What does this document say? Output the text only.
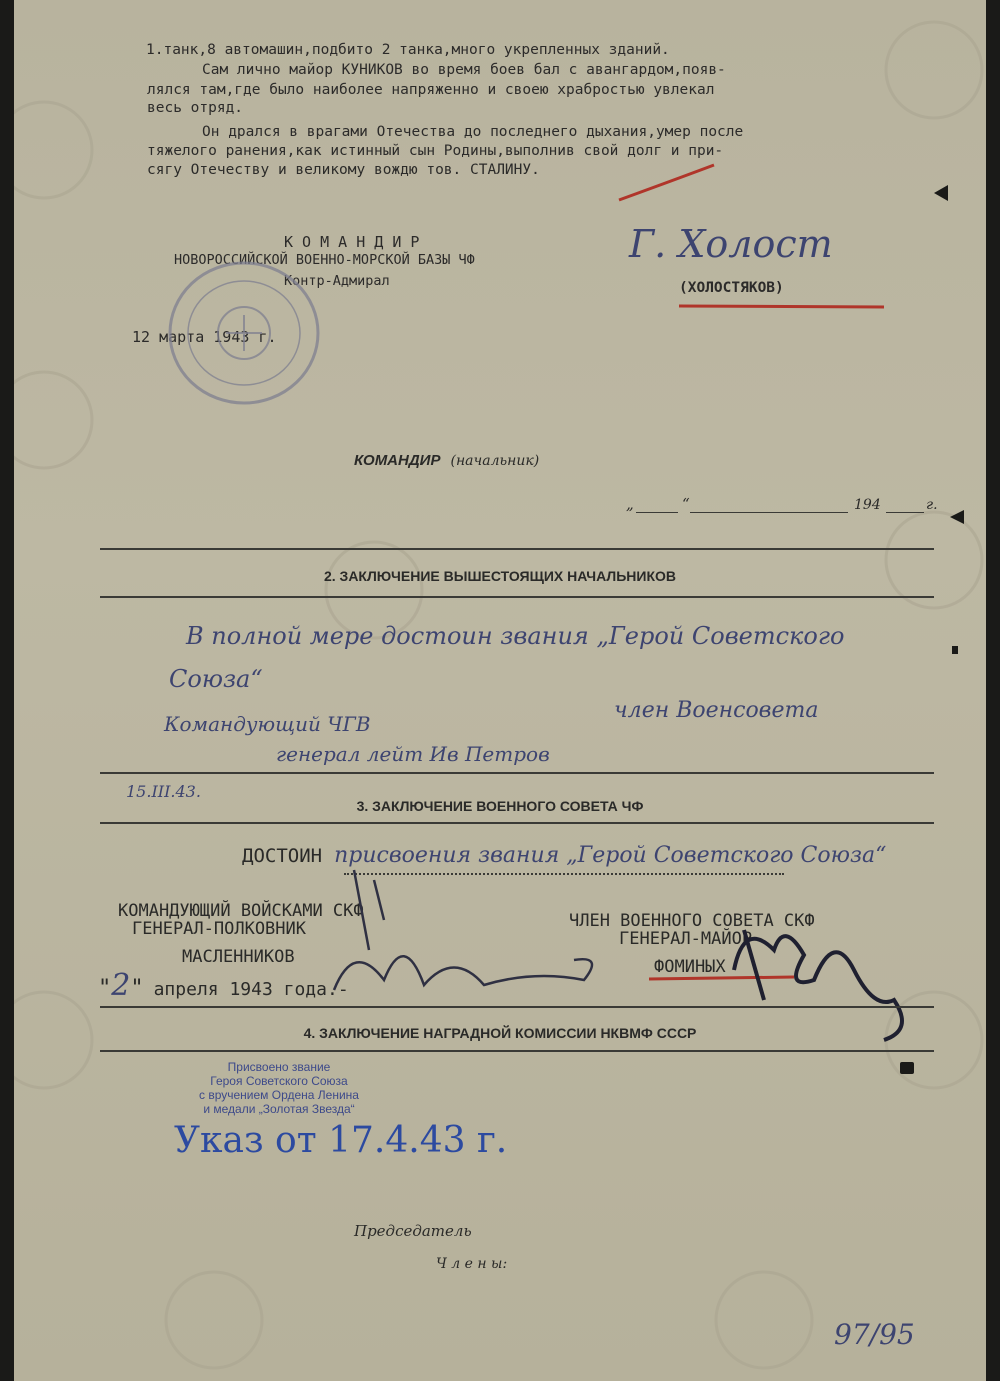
1.танк,8 автомашин,подбито 2 танка,много укрепленных зданий.
Сам лично майор КУНИКОВ во время боев бал с авангардом,появ-
лялся там,где было наиболее напряженно и своею храбростью увлекал
весь отряд.
Он дрался в врагами Отечества до последнего дыхания,умер после
тяжелого ранения,как истинный сын Родины,выполнив свой долг и при-
сягу Отечеству и великому вождю тов. СТАЛИНУ.
К О М А Н Д И Р
НОВОРОССИЙСКОЙ ВОЕННО-МОРСКОЙ БАЗЫ ЧФ
Контр-Адмирал
Г. Холост
(ХОЛОСТЯКОВ)
12 марта 1943 г.
КОМАНДИР (начальник)
„	“	194	г.
2. ЗАКЛЮЧЕНИЕ ВЫШЕСТОЯЩИХ НАЧАЛЬНИКОВ
В полной мере достоин звания „Герой Советского
Союза“
Командующий ЧГВ
член Военсовета
генерал лейт Ив Петров
15.III.43.
3. ЗАКЛЮЧЕНИЕ ВОЕННОГО СОВЕТА ЧФ
ДОСТОИН присвоения звания „Герой Советского Союза“
КОМАНДУЮЩИЙ ВОЙСКАМИ СКФ
ГЕНЕРАЛ-ПОЛКОВНИК
МАСЛЕННИКОВ
ЧЛЕН ВОЕННОГО СОВЕТА СКФ
ГЕНЕРАЛ-МАЙОР
ФОМИНЫХ
"2" апреля 1943 года.-
4. ЗАКЛЮЧЕНИЕ НАГРАДНОЙ КОМИССИИ НКВМФ СССР
Присвоено звание
Героя Советского Союза
с вручением Ордена Ленина
и медали „Золотая Звезда“
Указ от 17.4.43 г.
Председатель
Ч л е н ы:
97/95
